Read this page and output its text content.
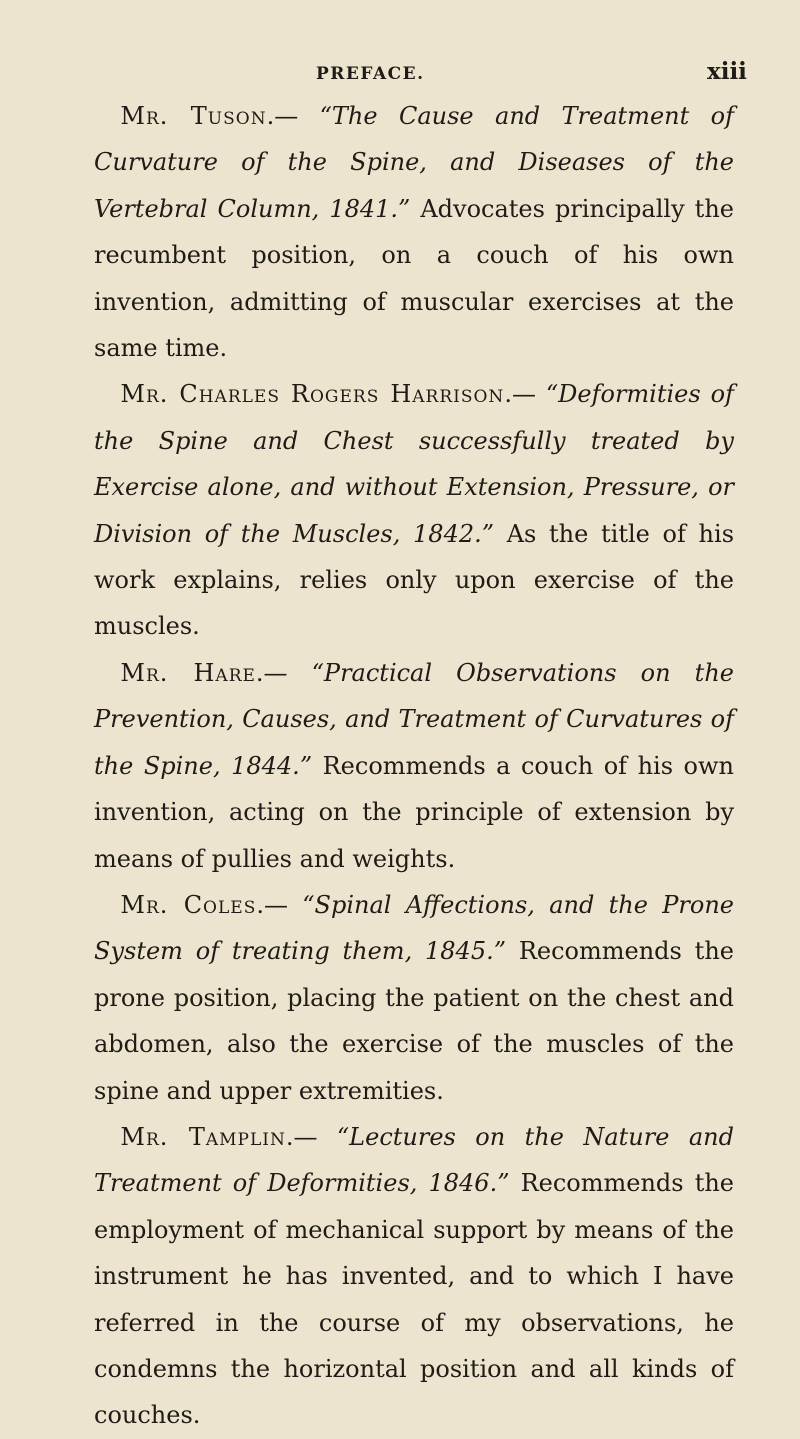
PREFACE.	xiii

Mr. Tuson.— “The Cause and Treatment of Curvature of the Spine, and Diseases of the Vertebral Column, 1841.” Advocates principally the recumbent position, on a couch of his own invention, admitting of muscular exercises at the same time.

Mr. Charles Rogers Harrison.— “Deformities of the Spine and Chest successfully treated by Exercise alone, and without Extension, Pressure, or Division of the Muscles, 1842.” As the title of his work explains, relies only upon exercise of the muscles.

Mr. Hare.— “Practical Observations on the Prevention, Causes, and Treatment of Curvatures of the Spine, 1844.” Recommends a couch of his own invention, acting on the principle of extension by means of pullies and weights.

Mr. Coles.— “Spinal Affections, and the Prone System of treating them, 1845.” Recommends the prone position, placing the patient on the chest and abdomen, also the exercise of the muscles of the spine and upper extremities.

Mr. Tamplin.— “Lectures on the Nature and Treatment of Deformities, 1846.” Recommends the employment of mechanical support by means of the instrument he has invented, and to which I have referred in the course of my observations, he condemns the horizontal position and all kinds of couches.
